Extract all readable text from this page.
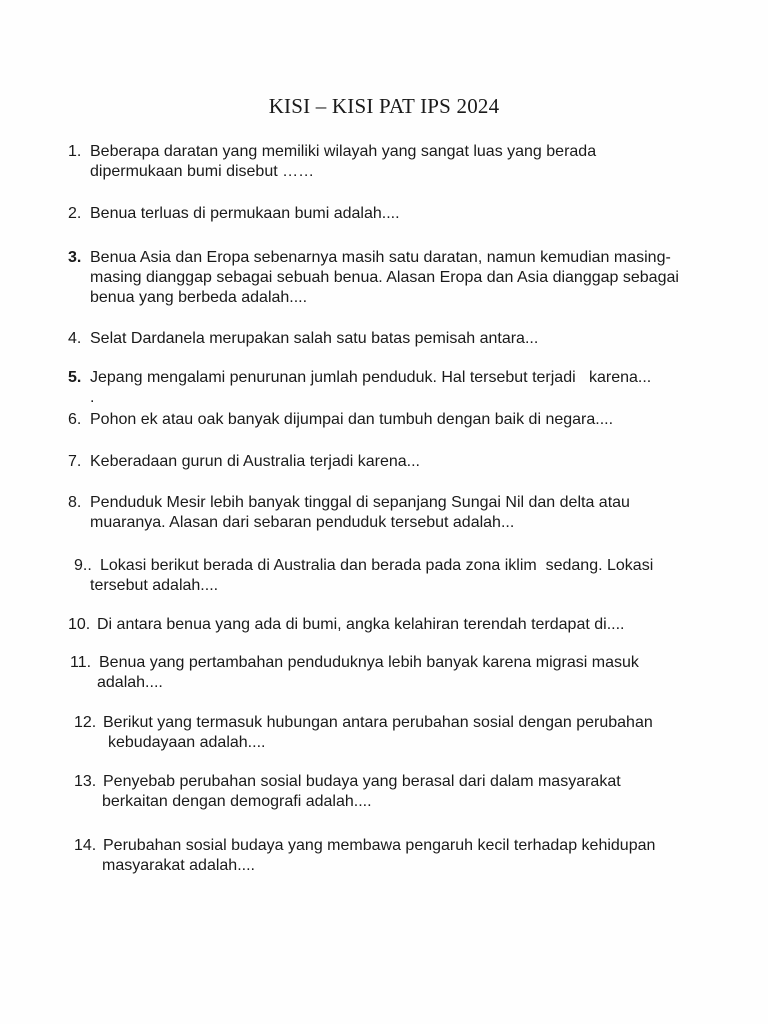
KISI – KISI PAT IPS 2024
1. Beberapa daratan yang memiliki wilayah yang sangat luas yang berada
dipermukaan bumi disebut ……
2. Benua terluas di permukaan bumi adalah....
3. Benua Asia dan Eropa sebenarnya masih satu daratan, namun kemudian masing-
masing dianggap sebagai sebuah benua. Alasan Eropa dan Asia dianggap sebagai
benua yang berbeda adalah....
4. Selat Dardanela merupakan salah satu batas pemisah antara...
5. Jepang mengalami penurunan jumlah penduduk. Hal tersebut terjadi   karena...
.
6. Pohon ek atau oak banyak dijumpai dan tumbuh dengan baik di negara....
7. Keberadaan gurun di Australia terjadi karena...
8. Penduduk Mesir lebih banyak tinggal di sepanjang Sungai Nil dan delta atau
muaranya. Alasan dari sebaran penduduk tersebut adalah...
9.. Lokasi berikut berada di Australia dan berada pada zona iklim  sedang. Lokasi
tersebut adalah....
10. Di antara benua yang ada di bumi, angka kelahiran terendah terdapat di....
11. Benua yang pertambahan penduduknya lebih banyak karena migrasi masuk
adalah....
12. Berikut yang termasuk hubungan antara perubahan sosial dengan perubahan
kebudayaan adalah....
13. Penyebab perubahan sosial budaya yang berasal dari dalam masyarakat
berkaitan dengan demografi adalah....
14. Perubahan sosial budaya yang membawa pengaruh kecil terhadap kehidupan
masyarakat adalah....
